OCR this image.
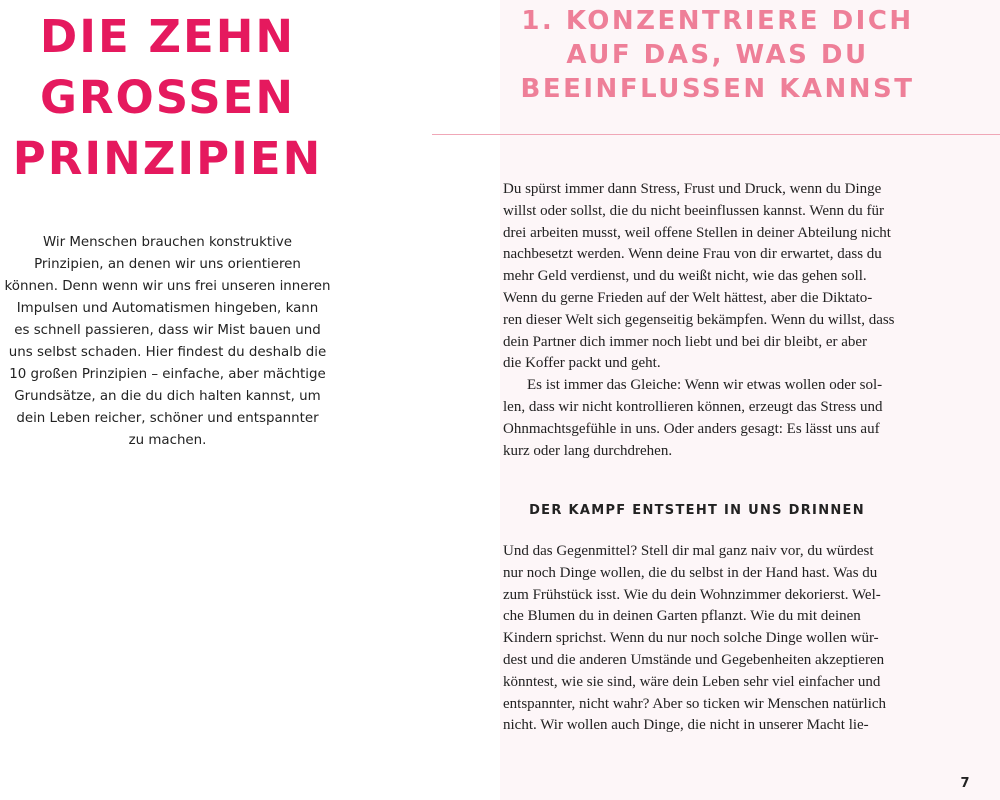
DIE ZEHN
GROSSEN
PRINZIPIEN

Wir Menschen brauchen konstruktive
Prinzipien, an denen wir uns orientieren
können. Denn wenn wir uns frei unseren inneren
Impulsen und Automatismen hingeben, kann
es schnell passieren, dass wir Mist bauen und
uns selbst schaden. Hier findest du deshalb die
10 großen Prinzipien – einfache, aber mächtige
Grundsätze, an die du dich halten kannst, um
dein Leben reicher, schöner und entspannter
zu machen.

1. KONZENTRIERE DICH
AUF DAS, WAS DU
BEEINFLUSSEN KANNST

Du spürst immer dann Stress, Frust und Druck, wenn du Dinge
willst oder sollst, die du nicht beeinflussen kannst. Wenn du für
drei arbeiten musst, weil offene Stellen in deiner Abteilung nicht
nachbesetzt werden. Wenn deine Frau von dir erwartet, dass du
mehr Geld verdienst, und du weißt nicht, wie das gehen soll.
Wenn du gerne Frieden auf der Welt hättest, aber die Diktato-
ren dieser Welt sich gegenseitig bekämpfen. Wenn du willst, dass
dein Partner dich immer noch liebt und bei dir bleibt, er aber
die Koffer packt und geht.
Es ist immer das Gleiche: Wenn wir etwas wollen oder sol-
len, dass wir nicht kontrollieren können, erzeugt das Stress und
Ohnmachtsgefühle in uns. Oder anders gesagt: Es lässt uns auf
kurz oder lang durchdrehen.

DER KAMPF ENTSTEHT IN UNS DRINNEN

Und das Gegenmittel? Stell dir mal ganz naiv vor, du würdest
nur noch Dinge wollen, die du selbst in der Hand hast. Was du
zum Frühstück isst. Wie du dein Wohnzimmer dekorierst. Wel-
che Blumen du in deinen Garten pflanzt. Wie du mit deinen
Kindern sprichst. Wenn du nur noch solche Dinge wollen wür-
dest und die anderen Umstände und Gegebenheiten akzeptieren
könntest, wie sie sind, wäre dein Leben sehr viel einfacher und
entspannter, nicht wahr? Aber so ticken wir Menschen natürlich
nicht. Wir wollen auch Dinge, die nicht in unserer Macht lie-

7
